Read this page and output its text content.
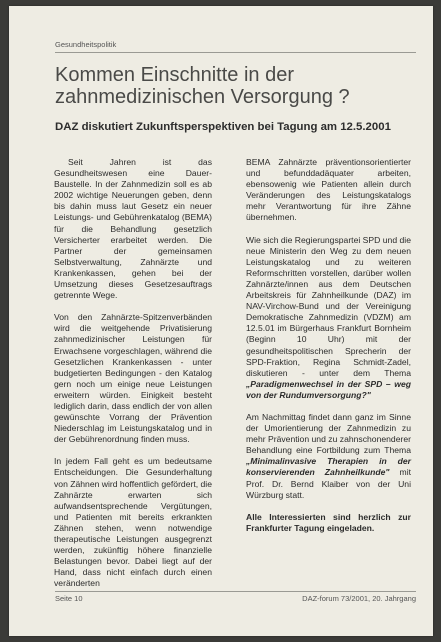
Gesundheitspolitik
Kommen Einschnitte in der zahnmedizinischen Versorgung ?
DAZ diskutiert Zukunftsperspektiven bei Tagung am 12.5.2001

Seit Jahren ist das Gesundheitswesen eine Dauer-Baustelle. In der Zahnmedizin soll es ab 2002 wichtige Neuerungen geben, denn bis dahin muss laut Gesetz ein neuer Leistungs- und Gebührenkatalog (BEMA) für die Behandlung gesetzlich Versicherter erarbeitet werden. Die Partner der gemeinsamen Selbstverwaltung, Zahnärzte und Krankenkassen, gehen bei der Umsetzung dieses Gesetzesauftrags getrennte Wege.

Von den Zahnärzte-Spitzenverbänden wird die weitgehende Privatisierung zahnmedizinischer Leistungen für Erwachsene vorgeschlagen, während die Gesetzlichen Krankenkassen - unter budgetierten Bedingungen - den Katalog gern noch um einige neue Leistungen erweitern würden. Einigkeit besteht lediglich darin, dass endlich der von allen gewünschte Vorrang der Prävention Niederschlag im Leistungskatalog und in der Gebührenordnung finden muss.

In jedem Fall geht es um bedeutsame Entscheidungen. Die Gesunderhaltung von Zähnen wird hoffentlich gefördert, die Zahnärzte erwarten sich aufwandsentsprechende Vergütungen, und Patienten mit bereits erkrankten Zähnen stehen, wenn notwendige therapeutische Leistungen ausgegrenzt werden, zukünftig höhere finanzielle Belastungen bevor. Dabei liegt auf der Hand, dass nicht einfach durch einen veränderten

BEMA Zahnärzte präventionsorientierter und befunddadäquater arbeiten, ebensowenig wie Patienten allein durch Veränderungen des Leistungskatalogs mehr Verantwortung für ihre Zähne übernehmen.

Wie sich die Regierungspartei SPD und die neue Ministerin den Weg zu dem neuen Leistungskatalog und zu weiteren Reformschritten vorstellen, darüber wollen Zahnärzte/innen aus dem Deutschen Arbeitskreis für Zahnheilkunde (DAZ) im NAV-Virchow-Bund und der Vereinigung Demokratische Zahnmedizin (VDZM) am 12.5.01 im Bürgerhaus Frankfurt Bornheim (Beginn 10 Uhr) mit der gesundheitspolitischen Sprecherin der SPD-Fraktion, Regina Schmidt-Zadel, diskutieren - unter dem Thema „Paradigmenwechsel in der SPD – weg von der Rundumversorgung?"

Am Nachmittag findet dann ganz im Sinne der Umorientierung der Zahnmedizin zu mehr Prävention und zu zahnschonenderer Behandlung eine Fortbildung zum Thema „Minimalinvasive Therapien in der konservierenden Zahnheilkunde" mit Prof. Dr. Bernd Klaiber von der Uni Würzburg statt.

Alle Interessierten sind herzlich zur Frankfurter Tagung eingeladen.

Seite 10	DAZ-forum 73/2001, 20. Jahrgang
